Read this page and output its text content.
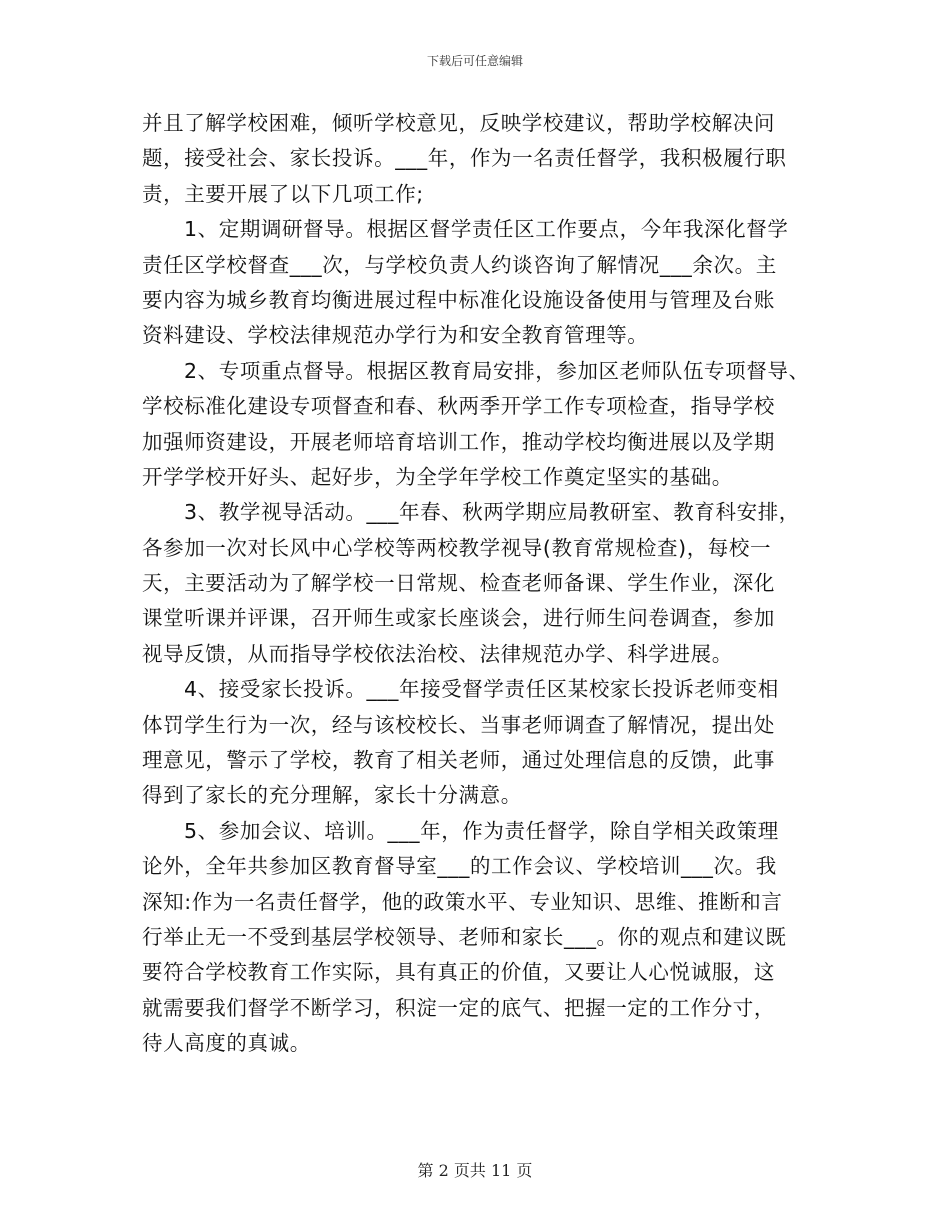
下载后可任意编辑
并且了解学校困难，倾听学校意见，反映学校建议，帮助学校解决问
题，接受社会、家长投诉。___年，作为一名责任督学，我积极履行职
责，主要开展了以下几项工作;
1、定期调研督导。根据区督学责任区工作要点，今年我深化督学
责任区学校督查___次，与学校负责人约谈咨询了解情况___余次。主
要内容为城乡教育均衡进展过程中标准化设施设备使用与管理及台账
资料建设、学校法律规范办学行为和安全教育管理等。
2、专项重点督导。根据区教育局安排，参加区老师队伍专项督导、
学校标准化建设专项督查和春、秋两季开学工作专项检查，指导学校
加强师资建设，开展老师培育培训工作，推动学校均衡进展以及学期
开学学校开好头、起好步，为全学年学校工作奠定坚实的基础。
3、教学视导活动。___年春、秋两学期应局教研室、教育科安排，
各参加一次对长风中心学校等两校教学视导(教育常规检查)，每校一
天，主要活动为了解学校一日常规、检查老师备课、学生作业，深化
课堂听课并评课，召开师生或家长座谈会，进行师生问卷调查，参加
视导反馈，从而指导学校依法治校、法律规范办学、科学进展。
4、接受家长投诉。___年接受督学责任区某校家长投诉老师变相
体罚学生行为一次，经与该校校长、当事老师调查了解情况，提出处
理意见，警示了学校，教育了相关老师，通过处理信息的反馈，此事
得到了家长的充分理解，家长十分满意。
5、参加会议、培训。___年，作为责任督学，除自学相关政策理
论外，全年共参加区教育督导室___的工作会议、学校培训___次。我
深知:作为一名责任督学，他的政策水平、专业知识、思维、推断和言
行举止无一不受到基层学校领导、老师和家长___。你的观点和建议既
要符合学校教育工作实际，具有真正的价值，又要让人心悦诚服，这
就需要我们督学不断学习，积淀一定的底气、把握一定的工作分寸，
待人高度的真诚。
第 2 页共 11 页
